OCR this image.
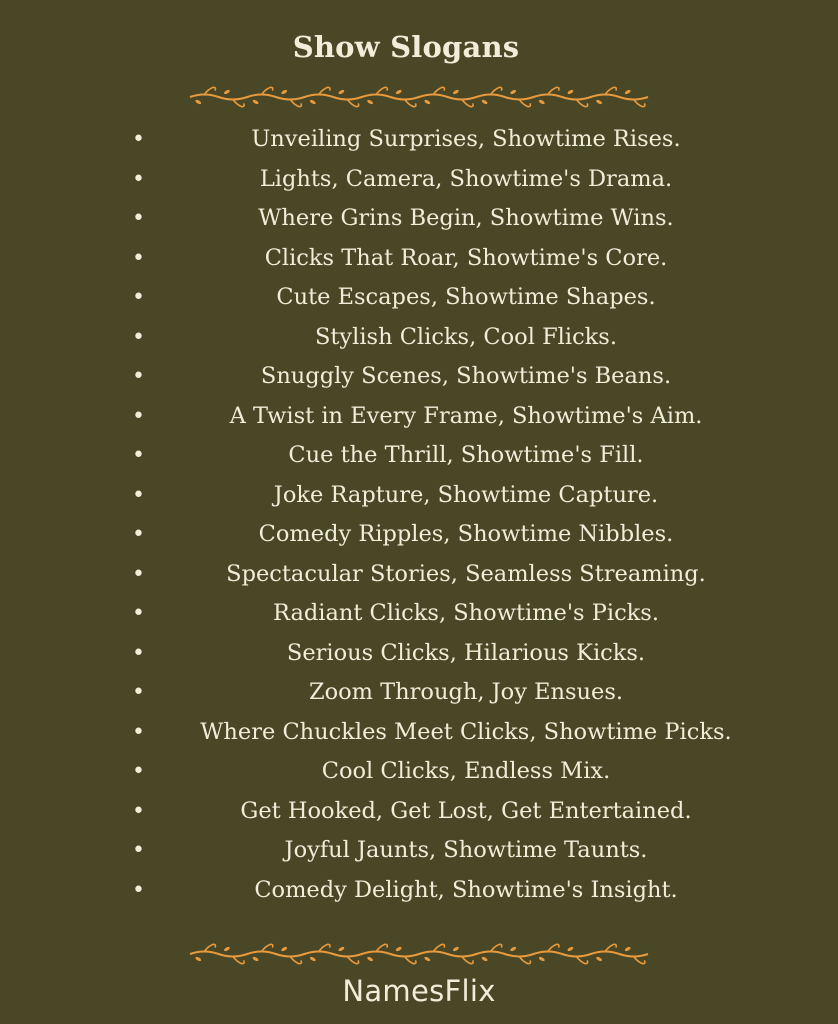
Show Slogans
•	Unveiling Surprises, Showtime Rises.
•	Lights, Camera, Showtime's Drama.
•	Where Grins Begin, Showtime Wins.
•	Clicks That Roar, Showtime's Core.
•	Cute Escapes, Showtime Shapes.
•	Stylish Clicks, Cool Flicks.
•	Snuggly Scenes, Showtime's Beans.
•	A Twist in Every Frame, Showtime's Aim.
•	Cue the Thrill, Showtime's Fill.
•	Joke Rapture, Showtime Capture.
•	Comedy Ripples, Showtime Nibbles.
•	Spectacular Stories, Seamless Streaming.
•	Radiant Clicks, Showtime's Picks.
•	Serious Clicks, Hilarious Kicks.
•	Zoom Through, Joy Ensues.
• Where Chuckles Meet Clicks, Showtime Picks.
•	Cool Clicks, Endless Mix.
•	Get Hooked, Get Lost, Get Entertained.
•	Joyful Jaunts, Showtime Taunts.
•	Comedy Delight, Showtime's Insight.
NamesFlix
